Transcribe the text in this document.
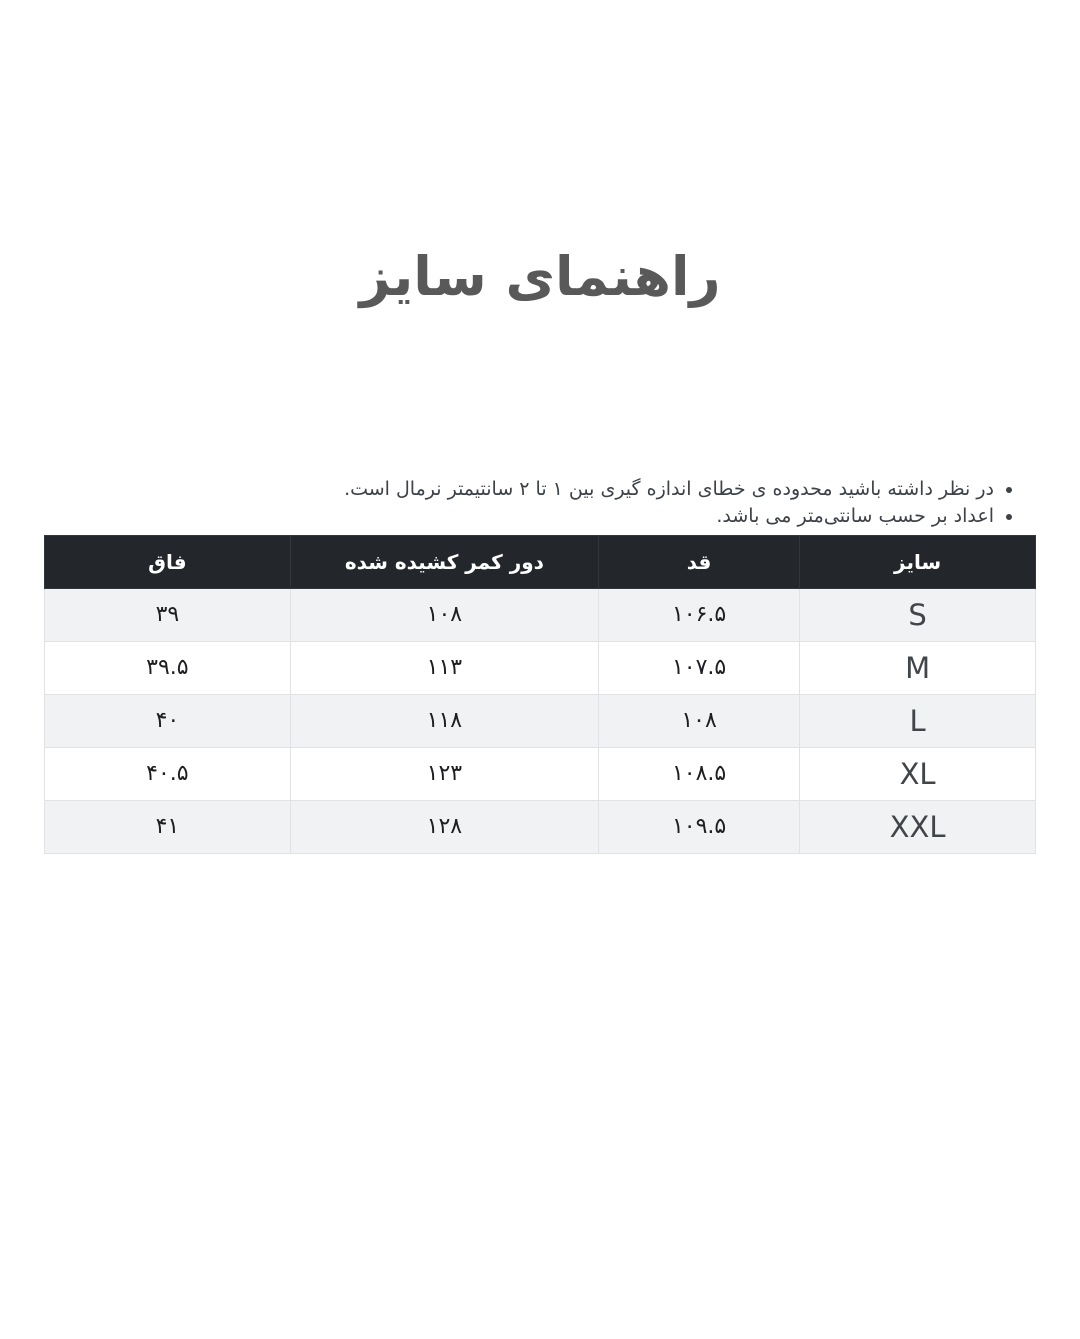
راهنمای سایز
• در نظر داشته باشید محدوده ی خطای اندازه گیری بین ۱ تا ۲ سانتیمتر نرمال است.
• اعداد بر حسب سانتی‌متر می باشد.
سایز	قد	دور کمر کشیده شده	فاق
S	۱۰۶.۵	۱۰۸	۳۹
M	۱۰۷.۵	۱۱۳	۳۹.۵
L	۱۰۸	۱۱۸	۴۰
XL	۱۰۸.۵	۱۲۳	۴۰.۵
XXL	۱۰۹.۵	۱۲۸	۴۱
